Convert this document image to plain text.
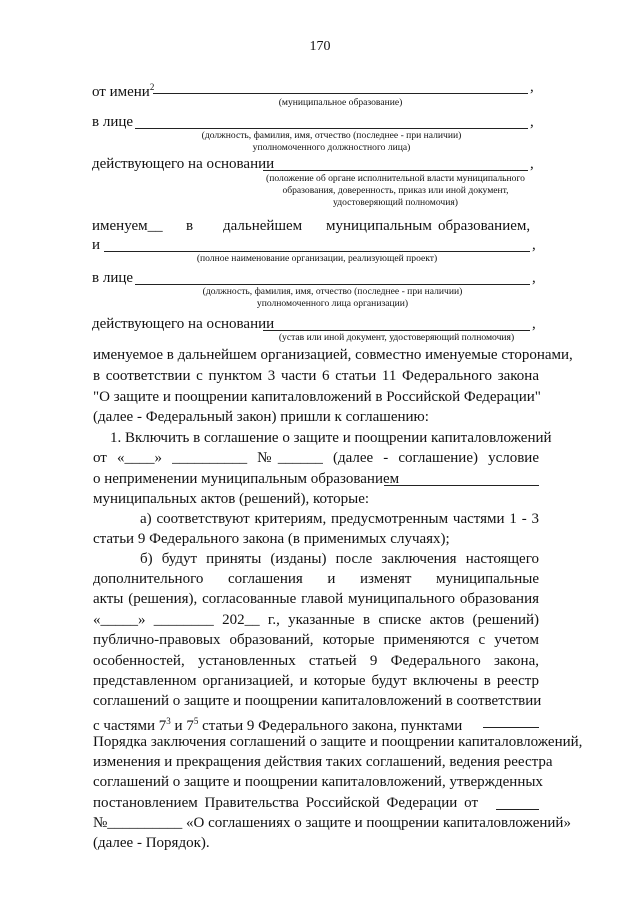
170
от имени$^2$	,
(муниципальное образование)
в лице	,
(должность, фамилия, имя, отчество (последнее - при наличии)
уполномоченного должностного лица)
действующего на основании	,
(положение об органе исполнительной власти муниципального
образования, доверенность, приказ или иной документ,
удостоверяющий полномочия)
именуем__ в дальнейшем муниципальным образованием,
и	,
(полное наименование организации, реализующей проект)
в лице	,
(должность, фамилия, имя, отчество (последнее - при наличии)
уполномоченного лица организации)
действующего на основании	,
(устав или иной документ, удостоверяющий полномочия)
именуемое в дальнейшем организацией, совместно именуемые сторонами,
в соответствии с пунктом 3 части 6 статьи 11 Федерального закона
"О защите и поощрении капиталовложений в Российской Федерации"
(далее - Федеральный закон) пришли к соглашению:
1. Включить в соглашение о защите и поощрении капиталовложений
от «____» __________ №______ (далее - соглашение) условие
о неприменении муниципальным образованием
муниципальных актов (решений), которые:
а) соответствуют критериям, предусмотренным частями 1 - 3
статьи 9 Федерального закона (в применимых случаях);
б) будут приняты (изданы) после заключения настоящего
дополнительного соглашения и изменят муниципальные
акты (решения), согласованные главой муниципального образования
«_____» ________ 202__ г., указанные в списке актов (решений)
публично-правовых образований, которые применяются с учетом
особенностей, установленных статьей 9 Федерального закона,
представленном организацией, и которые будут включены в реестр
соглашений о защите и поощрении капиталовложений в соответствии
с частями $7^3$ и $7^5$ статьи 9 Федерального закона, пунктами
Порядка заключения соглашений о защите и поощрении капиталовложений,
изменения и прекращения действия таких соглашений, ведения реестра
соглашений о защите и поощрении капиталовложений, утвержденных
постановлением Правительства Российской Федерации от
№__________ «О соглашениях о защите и поощрении капиталовложений»
(далее - Порядок).
